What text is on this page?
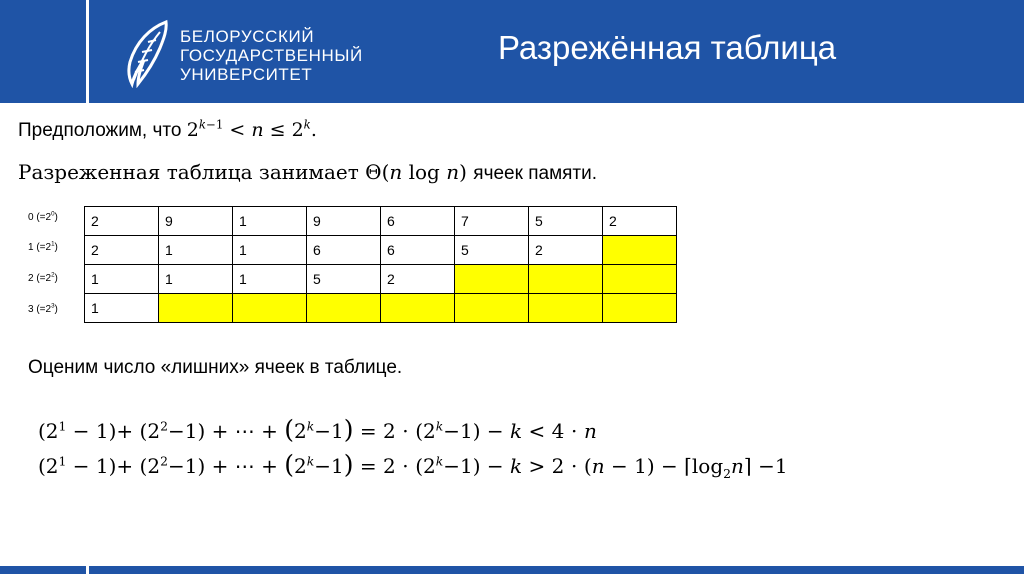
БЕЛОРУССКИЙ
ГОСУДАРСТВЕННЫЙ
УНИВЕРСИТЕТ
Разрежённая таблица
Предположим, что $2^{k-1} < n \le 2^k$.
Разреженная таблица занимает Θ(n log n) ячеек памяти.
0 $(=2^0)$
1 $(=2^1)$
2 $(=2^2)$
3 $(=2^3)$
2	9	1	9	6	7	5	2
2	1	1	6	6	5	2	
1	1	1	5	2			
1							
Оценим число «лишних» ячеек в таблице.
$(2^1 - 1)+ (2^2-1)$ + ⋯ + $(2^k-1) = 2 \cdot (2^k-1) - k < 4 \cdot n$
$(2^1 - 1)+ (2^2-1)$ + ⋯ + $(2^k-1) = 2 \cdot (2^k-1) - k > 2 \cdot (n - 1)$ − $⌈\log_2n⌉ -1$
